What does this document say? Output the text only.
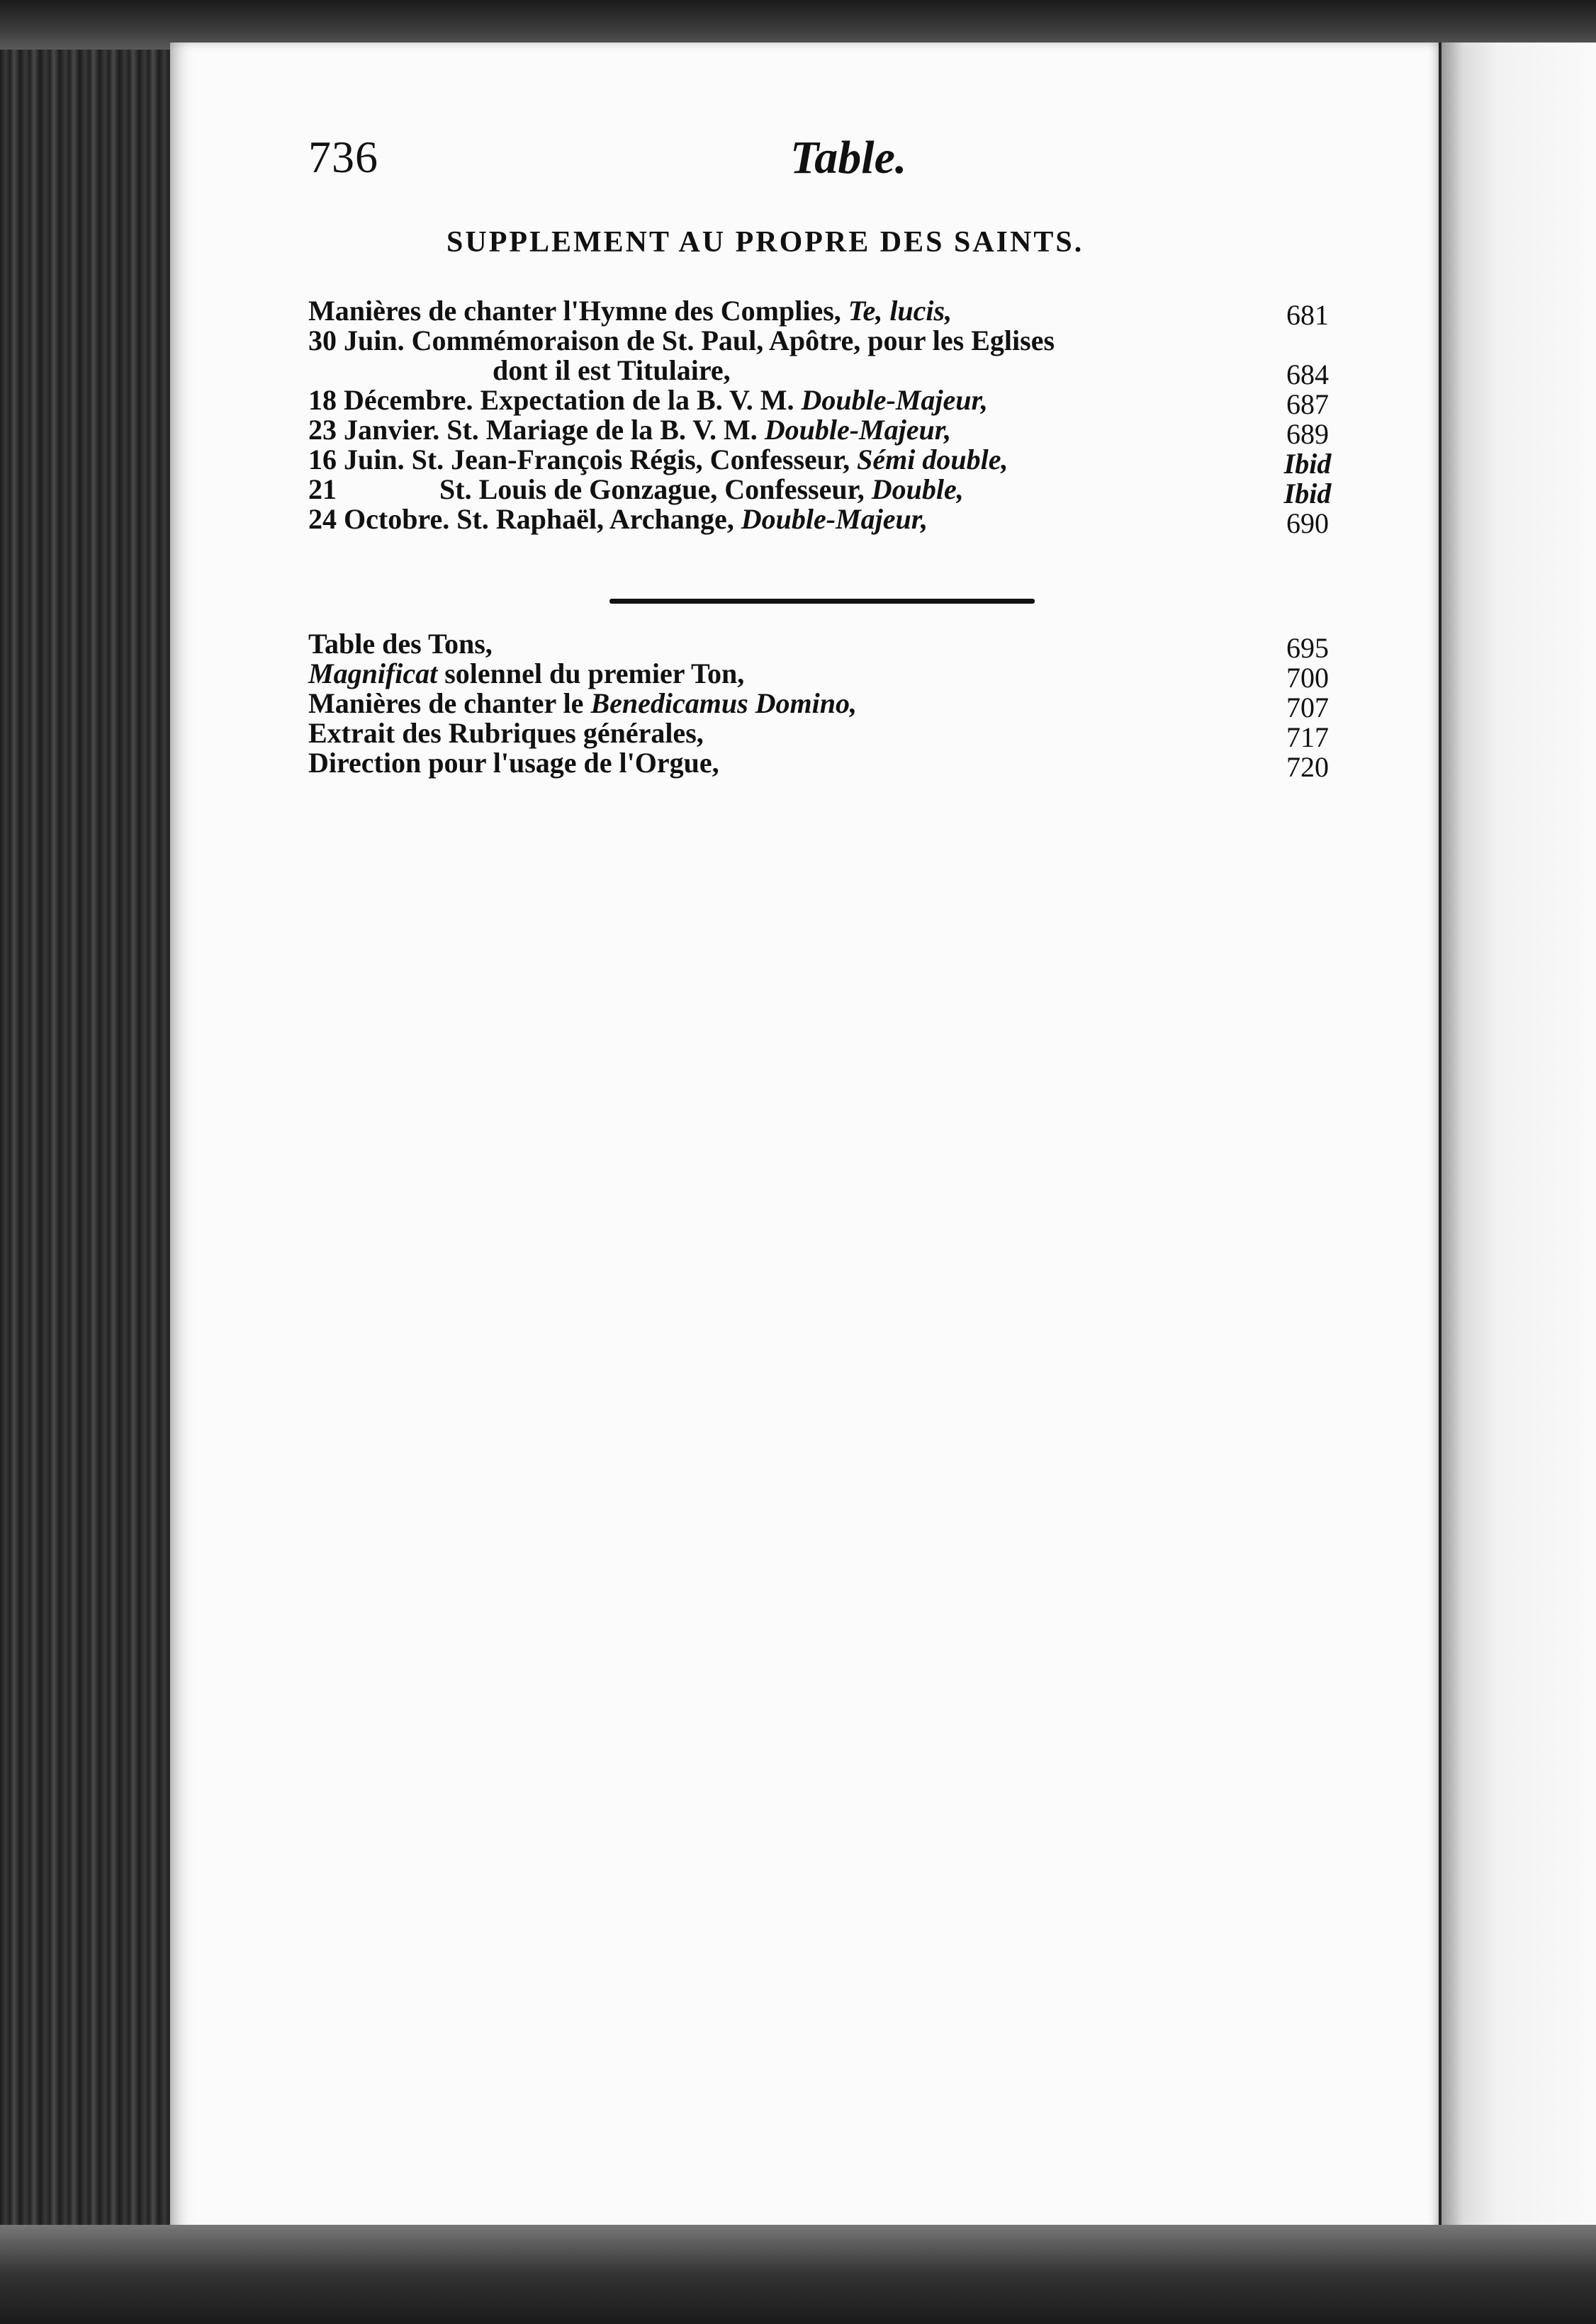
736	Table.
SUPPLEMENT AU PROPRE DES SAINTS.
Manières de chanter l'Hymne des Complies, Te, lucis,	681
30 Juin. Commémoraison de St. Paul, Apôtre, pour les Eglises
dont il est Titulaire,	684
18 Décembre. Expectation de la B. V. M. Double-Majeur,	687
23 Janvier. St. Mariage de la B. V. M. Double-Majeur,	689
16 Juin. St. Jean-François Régis, Confesseur, Sémi double,	Ibid
21	St. Louis de Gonzague, Confesseur, Double,	Ibid
24 Octobre. St. Raphaël, Archange, Double-Majeur,	690
Table des Tons,	695
Magnificat solennel du premier Ton,	700
Manières de chanter le Benedicamus Domino,	707
Extrait des Rubriques générales,	717
Direction pour l'usage de l'Orgue,	720
